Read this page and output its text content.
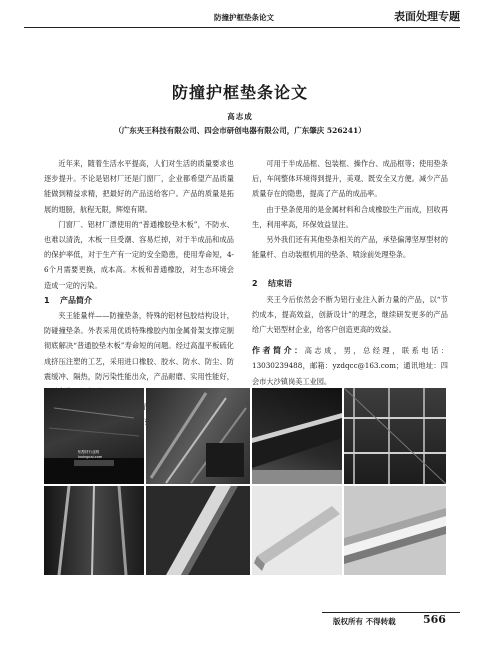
防撞护框垫条论文	表面处理专题
防撞护框垫条论文
高志成
（广东夹王科技有限公司、四会市研创电器有限公司，广东肇庆 526241）

近年来，随着生活水平提高，人们对生活的质量要求也逐步提升。不论是铝材厂还是门窗厂，企业都希望产品质量能做到精益求精，把最好的产品送给客户。产品的质量是拓展的翅膀，航程无限，辉煌有期。

门窗厂、铝材厂漂使用的“普通橡胶垫木板”，不防水、也难以清洗，木板一旦受潮、容易烂掉，对于半成品和成品的保护率低，对于生产有一定的安全隐患，使用寿命短，4-6个月需要更换，成本高。木板和普通橡胶，对生态环境会造成一定的污染。

1 产品简介

夹王能量样——防撞垫条，特殊的铝材包胶结构设计，防碰撞垫条。外表采用优质特殊橡胶内加金属骨架支撑定制彻底解决“普通胶垫木板”寿命短的问题。经过高温平板硫化成挤压注塑的工艺，采用进口橡胶、胶水、防水、防尘、防震缓冲、隔热，防污染性能出众，产品耐磨、实用性能好，

可用于半成品框、包装框、操作台、成品框等；使用垫条后，车间整体环境得到提升，美观、既安全又方便。减少产品质量存在的隐患，提高了产品的成品率。

由于垫条使用的是金属材料和合成橡胶生产而成，回收再生，利用率高，环保效益显注。

另外我们还有其他垫条相关的产品，承垫偏薄坚厚型材的能量杆、自动装框机用的垫条、喷涂前处理垫条。

2 结束语

夹王今后依然会不断为铝行业注入新力量的产品，以“节约成本，提高效益，创新设计”的理念，继续研发更多的产品给广大铝型材企业，给客户创造更高的效益。

作者简介：高志成，男，总经理，联系电话：13030239488，邮箱：yzdqcc@163.com；通讯地址：四会市大沙镇岗美工业园。

铝型材行业网
lvxingcai.com
版权所有 不得转载 566
